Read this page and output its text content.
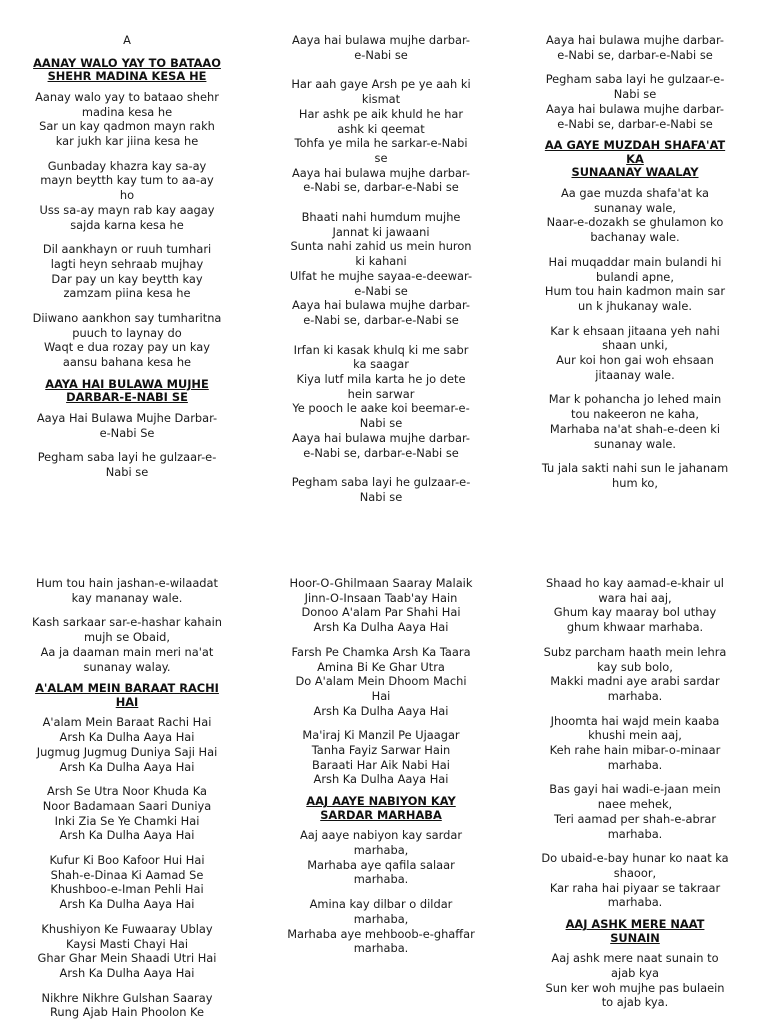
A

AANAY WALO YAY TO BATAAO
SHEHR MADINA KESA HE

Aanay walo yay to bataao shehr

madina kesa he

Sar un kay qadmon mayn rakh

kar jukh kar jiina kesa he

Gunbaday khazra kay sa-ay

mayn beytth kay tum to aa-ay

ho

Uss sa-ay mayn rab kay aagay

sajda karna kesa he

Dil aankhayn or ruuh tumhari

lagti heyn sehraab mujhay

Dar pay un kay beytth kay

zamzam piina kesa he

Diiwano aankhon say tumharitna

puuch to laynay do

Waqt e dua rozay pay un kay

aansu bahana kesa he

AAYA HAI BULAWA MUJHE
DARBAR-E-NABI SE

Aaya Hai Bulawa Mujhe Darbar-

e-Nabi Se

Pegham saba layi he gulzaar-e-

Nabi se

Aaya hai bulawa mujhe darbar-

e-Nabi se

Har aah gaye Arsh pe ye aah ki

kismat

Har ashk pe aik khuld he har

ashk ki qeemat

Tohfa ye mila he sarkar-e-Nabi

se

Aaya hai bulawa mujhe darbar-

e-Nabi se, darbar-e-Nabi se

Bhaati nahi humdum mujhe

Jannat ki jawaani

Sunta nahi zahid us mein huron

ki kahani

Ulfat he mujhe sayaa-e-deewar-

e-Nabi se

Aaya hai bulawa mujhe darbar-

e-Nabi se, darbar-e-Nabi se

Irfan ki kasak khulq ki me sabr

ka saagar

Kiya lutf mila karta he jo dete

hein sarwar

Ye pooch le aake koi beemar-e-

Nabi se

Aaya hai bulawa mujhe darbar-

e-Nabi se, darbar-e-Nabi se

Pegham saba layi he gulzaar-e-

Nabi se

Aaya hai bulawa mujhe darbar-

e-Nabi se, darbar-e-Nabi se

Pegham saba layi he gulzaar-e-

Nabi se

Aaya hai bulawa mujhe darbar-

e-Nabi se, darbar-e-Nabi se

AA GAYE MUZDAH SHAFA'AT KA
SUNAANAY WAALAY

Aa gae muzda shafa'at ka

sunanay wale,

Naar-e-dozakh se ghulamon ko

bachanay wale.

Hai muqaddar main bulandi hi

bulandi apne,

Hum tou hain kadmon main sar

un k jhukanay wale.

Kar k ehsaan jitaana yeh nahi

shaan unki,

Aur koi hon gai woh ehsaan

jitaanay wale.

Mar k pohancha jo lehed main

tou nakeeron ne kaha,

Marhaba na'at shah-e-deen ki

sunanay wale.

Tu jala sakti nahi sun le jahanam

hum ko,

Hum tou hain jashan-e-wilaadat

kay mananay wale.

Kash sarkaar sar-e-hashar kahain

mujh se Obaid,

Aa ja daaman main meri na'at

sunanay walay.

A'ALAM MEIN BARAAT RACHI
HAI

A'alam Mein Baraat Rachi Hai

Arsh Ka Dulha Aaya Hai

Jugmug Jugmug Duniya Saji Hai

Arsh Ka Dulha Aaya Hai

Arsh Se Utra Noor Khuda Ka

Noor Badamaan Saari Duniya

Inki Zia Se Ye Chamki Hai

Arsh Ka Dulha Aaya Hai

Kufur Ki Boo Kafoor Hui Hai

Shah-e-Dinaa Ki Aamad Se

Khushboo-e-Iman Pehli Hai

Arsh Ka Dulha Aaya Hai

Khushiyon Ke Fuwaaray Ublay

Kaysi Masti Chayi Hai

Ghar Ghar Mein Shaadi Utri Hai

Arsh Ka Dulha Aaya Hai

Nikhre Nikhre Gulshan Saaray

Rung Ajab Hain Phoolon Ke

Hoor-O-Ghilmaan Saaray Malaik

Jinn-O-Insaan Taab'ay Hain

Donoo A'alam Par Shahi Hai

Arsh Ka Dulha Aaya Hai

Farsh Pe Chamka Arsh Ka Taara

Amina Bi Ke Ghar Utra

Do A'alam Mein Dhoom Machi

Hai

Arsh Ka Dulha Aaya Hai

Ma'iraj Ki Manzil Pe Ujaagar

Tanha Fayiz Sarwar Hain

Baraati Har Aik Nabi Hai

Arsh Ka Dulha Aaya Hai

AAJ AAYE NABIYON KAY
SARDAR MARHABA

Aaj aaye nabiyon kay sardar

marhaba,

Marhaba aye qafila salaar

marhaba.

Amina kay dilbar o dildar

marhaba,

Marhaba aye mehboob-e-ghaffar

marhaba.

Shaad ho kay aamad-e-khair ul

wara hai aaj,

Ghum kay maaray bol uthay

ghum khwaar marhaba.

Subz parcham haath mein lehra

kay sub bolo,

Makki madni aye arabi sardar

marhaba.

Jhoomta hai wajd mein kaaba

khushi mein aaj,

Keh rahe hain mibar-o-minaar

marhaba.

Bas gayi hai wadi-e-jaan mein

naee mehek,

Teri aamad per shah-e-abrar

marhaba.

Do ubaid-e-bay hunar ko naat ka

shaoor,

Kar raha hai piyaar se takraar

marhaba.

AAJ ASHK MERE NAAT SUNAIN

Aaj ashk mere naat sunain to

ajab kya

Sun ker woh mujhe pas bulaein

to ajab kya.
